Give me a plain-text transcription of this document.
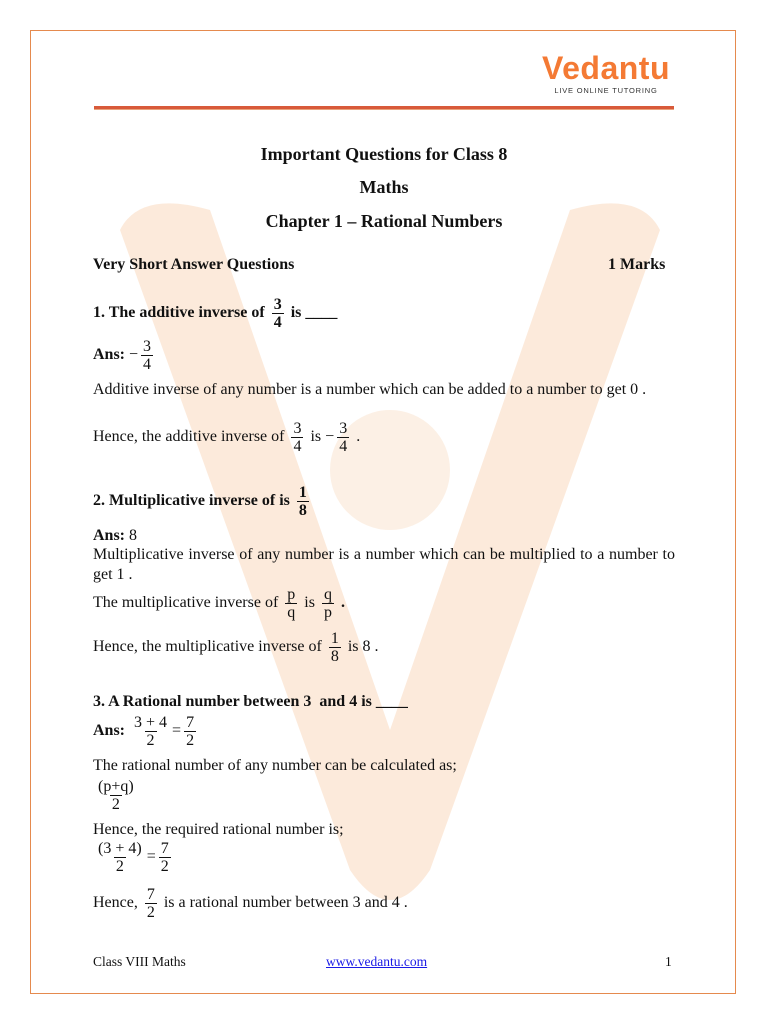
Vedantu
LIVE ONLINE TUTORING
Important Questions for Class 8
Maths
Chapter 1 – Rational Numbers
Very Short Answer Questions	1 Marks
1. The additive inverse of $\frac{3}{4}$ is ____
Ans: − $\frac{3}{4}$
Additive inverse of any number is a number which can be added to a number to get 0 .
Hence, the additive inverse of $\frac{3}{4}$ is − $\frac{3}{4}$ .
2. Multiplicative inverse of is $\frac{1}{8}$
Ans: 8
Multiplicative inverse of any number is a number which can be multiplied to a number to get 1 .
The multiplicative inverse of $\frac{p}{q}$ is $\frac{q}{p}$ .
Hence, the multiplicative inverse of $\frac{1}{8}$ is 8 .
3. A Rational number between 3 and 4 is ____
Ans: $\frac{3 + 4}{2} = \frac{7}{2}$
The rational number of any number can be calculated as;
$\frac{(p+q)}{2}$
Hence, the required rational number is;
$\frac{(3 + 4)}{2} = \frac{7}{2}$
Hence, $\frac{7}{2}$ is a rational number between 3 and 4 .
Class VIII Maths	www.vedantu.com	1
